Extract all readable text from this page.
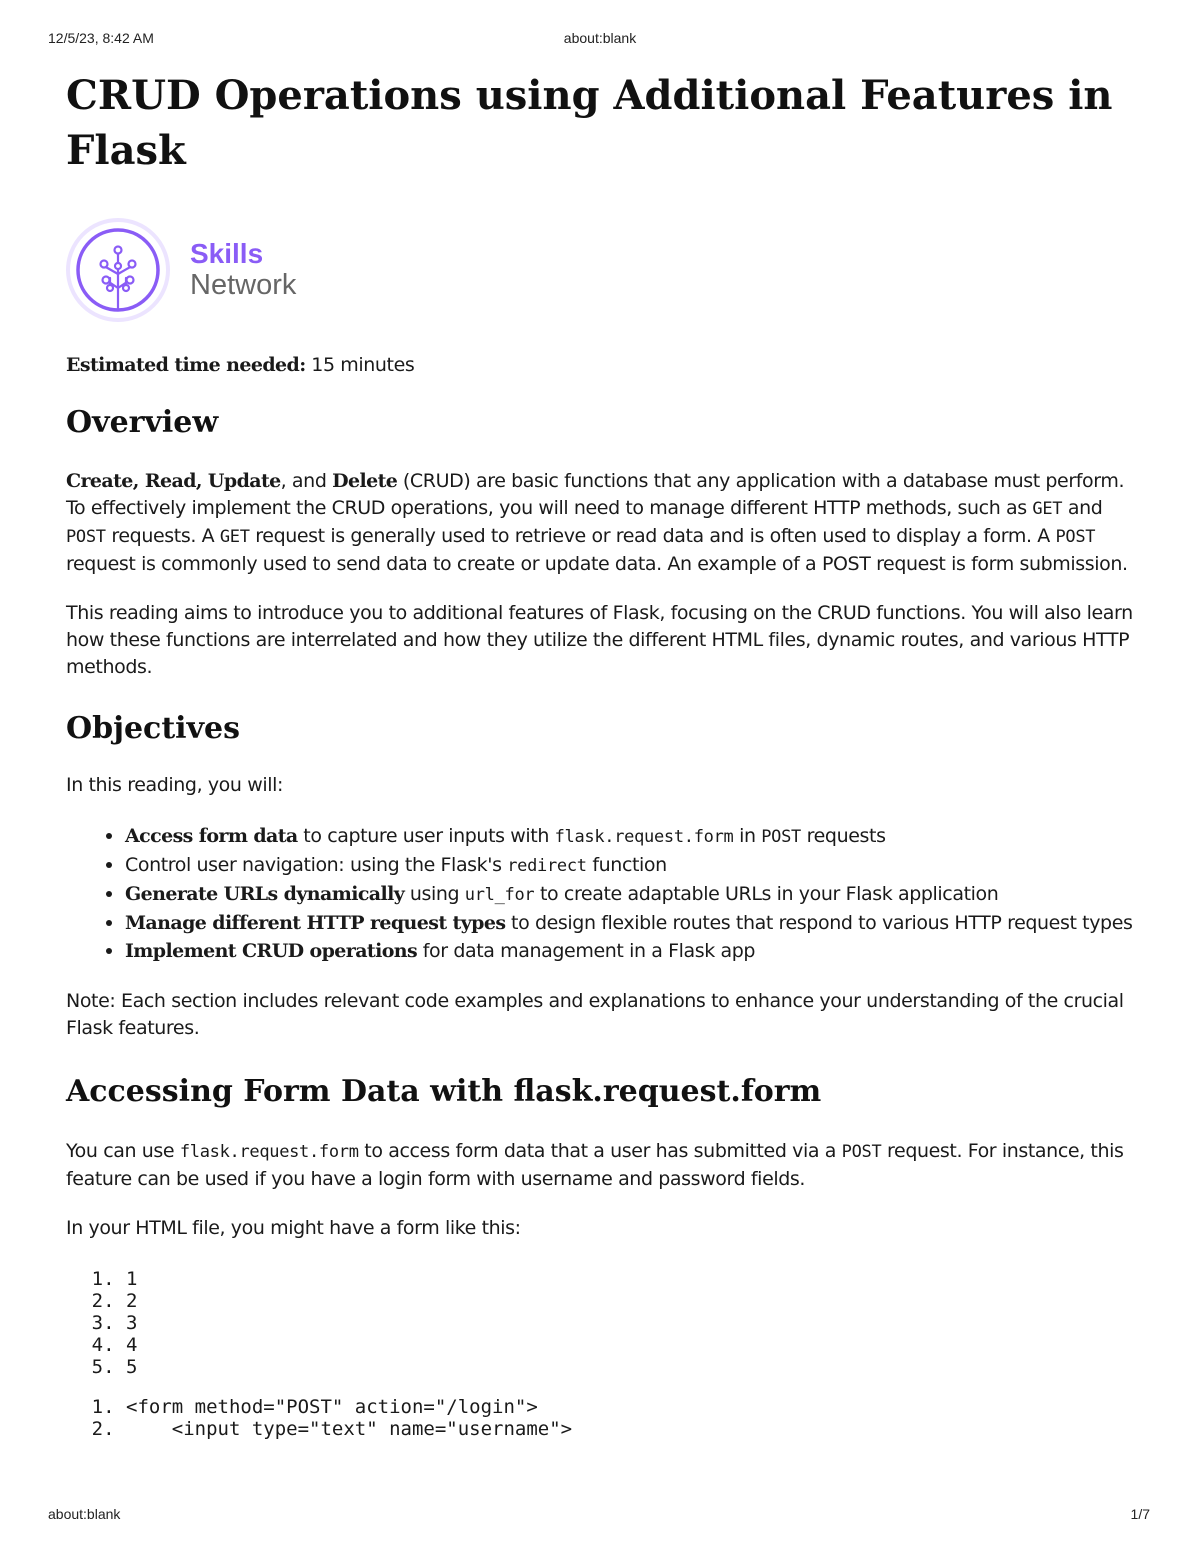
12/5/23, 8:42 AM	about:blank
CRUD Operations using Additional Features in Flask
Skills
Network

Estimated time needed: 15 minutes

Overview

Create, Read, Update, and Delete (CRUD) are basic functions that any application with a database must perform. To effectively implement the CRUD operations, you will need to manage different HTTP methods, such as GET and POST requests. A GET request is generally used to retrieve or read data and is often used to display a form. A POST request is commonly used to send data to create or update data. An example of a POST request is form submission.

This reading aims to introduce you to additional features of Flask, focusing on the CRUD functions. You will also learn how these functions are interrelated and how they utilize the different HTML files, dynamic routes, and various HTTP methods.

Objectives

In this reading, you will:

• Access form data to capture user inputs with flask.request.form in POST requests
• Control user navigation: using the Flask's redirect function
• Generate URLs dynamically using url_for to create adaptable URLs in your Flask application
• Manage different HTTP request types to design flexible routes that respond to various HTTP request types
• Implement CRUD operations for data management in a Flask app

Note: Each section includes relevant code examples and explanations to enhance your understanding of the crucial Flask features.

Accessing Form Data with flask.request.form

You can use flask.request.form to access form data that a user has submitted via a POST request. For instance, this feature can be used if you have a login form with username and password fields.

In your HTML file, you might have a form like this:

1. 1
2. 2
3. 3
4. 4
5. 5
1. <form method="POST" action="/login">
2.     <input type="text" name="username">
about:blank	1/7
